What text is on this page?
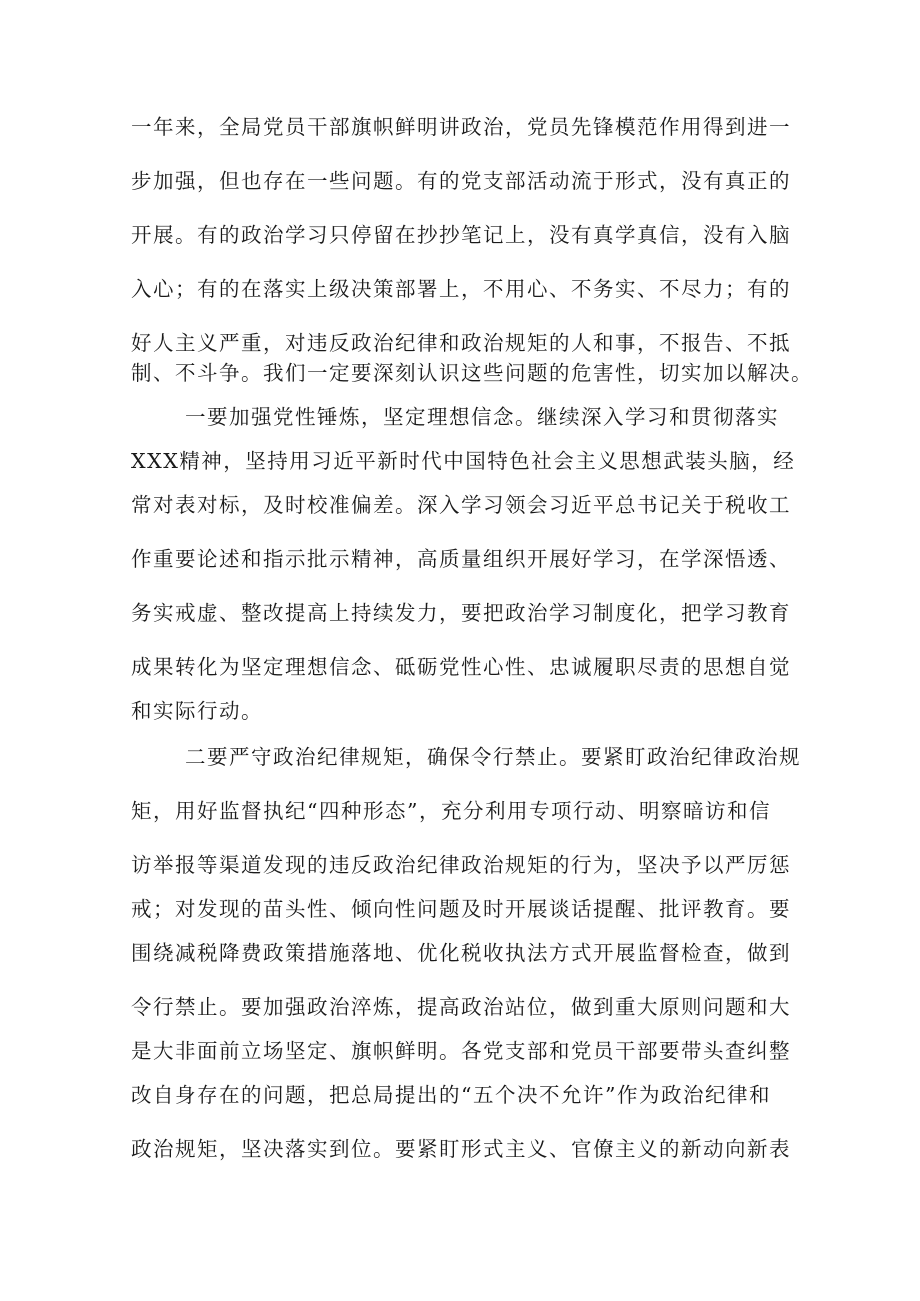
一年来，全局党员干部旗帜鲜明讲政治，党员先锋模范作用得到进一
步加强，但也存在一些问题。有的党支部活动流于形式，没有真正的
开展。有的政治学习只停留在抄抄笔记上，没有真学真信，没有入脑
入心；有的在落实上级决策部署上，不用心、不务实、不尽力；有的
好人主义严重，对违反政治纪律和政治规矩的人和事，不报告、不抵
制、不斗争。我们一定要深刻认识这些问题的危害性，切实加以解决。
一要加强党性锤炼，坚定理想信念。继续深入学习和贯彻落实
XXX精神，坚持用习近平新时代中国特色社会主义思想武装头脑，经
常对表对标，及时校准偏差。深入学习领会习近平总书记关于税收工
作重要论述和指示批示精神，高质量组织开展好学习，在学深悟透、
务实戒虚、整改提高上持续发力，要把政治学习制度化，把学习教育
成果转化为坚定理想信念、砥砺党性心性、忠诚履职尽责的思想自觉
和实际行动。
二要严守政治纪律规矩，确保令行禁止。要紧盯政治纪律政治规
矩，用好监督执纪“四种形态”，充分利用专项行动、明察暗访和信
访举报等渠道发现的违反政治纪律政治规矩的行为，坚决予以严厉惩
戒；对发现的苗头性、倾向性问题及时开展谈话提醒、批评教育。要
围绕减税降费政策措施落地、优化税收执法方式开展监督检查，做到
令行禁止。要加强政治淬炼，提高政治站位，做到重大原则问题和大
是大非面前立场坚定、旗帜鲜明。各党支部和党员干部要带头查纠整
改自身存在的问题，把总局提出的“五个决不允许”作为政治纪律和
政治规矩，坚决落实到位。要紧盯形式主义、官僚主义的新动向新表
